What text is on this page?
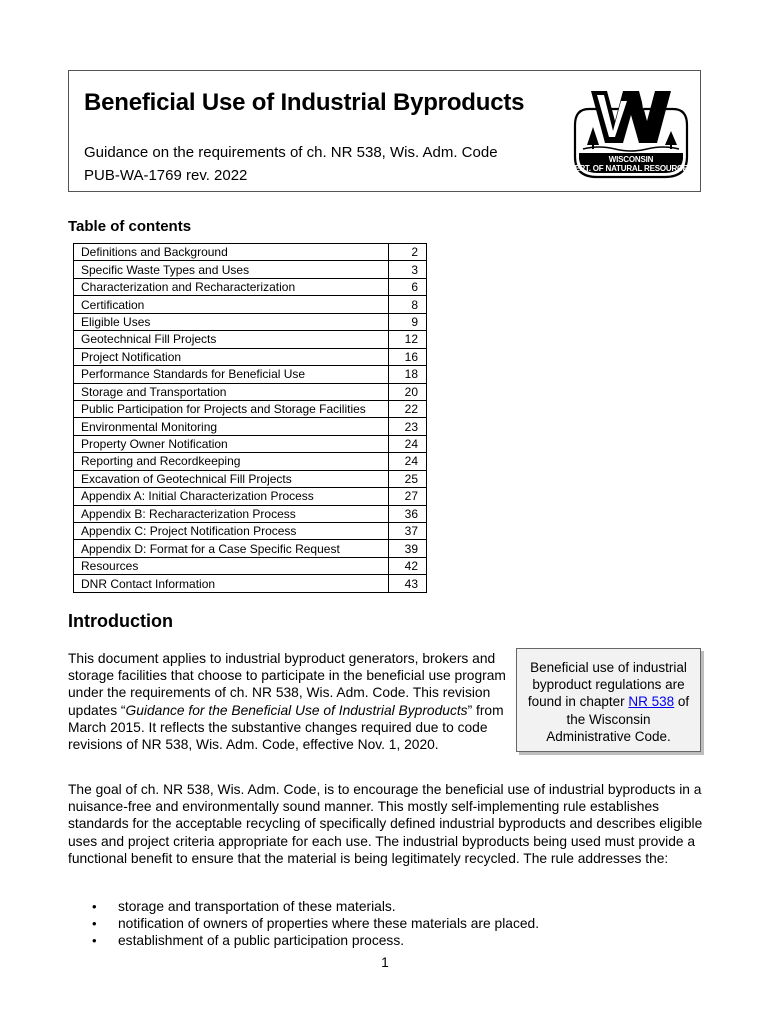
Beneficial Use of Industrial Byproducts
Guidance on the requirements of ch. NR 538, Wis. Adm. Code
PUB-WA-1769 rev. 2022
WISCONSIN
DEPT. OF NATURAL RESOURCES
Table of contents
Definitions and Background	2
Specific Waste Types and Uses	3
Characterization and Recharacterization	6
Certification	8
Eligible Uses	9
Geotechnical Fill Projects	12
Project Notification	16
Performance Standards for Beneficial Use	18
Storage and Transportation	20
Public Participation for Projects and Storage Facilities	22
Environmental Monitoring	23
Property Owner Notification	24
Reporting and Recordkeeping	24
Excavation of Geotechnical Fill Projects	25
Appendix A: Initial Characterization Process	27
Appendix B: Recharacterization Process	36
Appendix C: Project Notification Process	37
Appendix D: Format for a Case Specific Request	39
Resources	42
DNR Contact Information	43
Introduction
This document applies to industrial byproduct generators, brokers and storage facilities that choose to participate in the beneficial use program under the requirements of ch. NR 538, Wis. Adm. Code. This revision updates “Guidance for the Beneficial Use of Industrial Byproducts” from March 2015. It reflects the substantive changes required due to code revisions of NR 538, Wis. Adm. Code, effective Nov. 1, 2020.
Beneficial use of industrial byproduct regulations are found in chapter NR 538 of the Wisconsin Administrative Code.
The goal of ch. NR 538, Wis. Adm. Code, is to encourage the beneficial use of industrial byproducts in a nuisance-free and environmentally sound manner. This mostly self-implementing rule establishes standards for the acceptable recycling of specifically defined industrial byproducts and describes eligible uses and project criteria appropriate for each use. The industrial byproducts being used must provide a functional benefit to ensure that the material is being legitimately recycled. The rule addresses the:
• storage and transportation of these materials.
• notification of owners of properties where these materials are placed.
• establishment of a public participation process.
1
